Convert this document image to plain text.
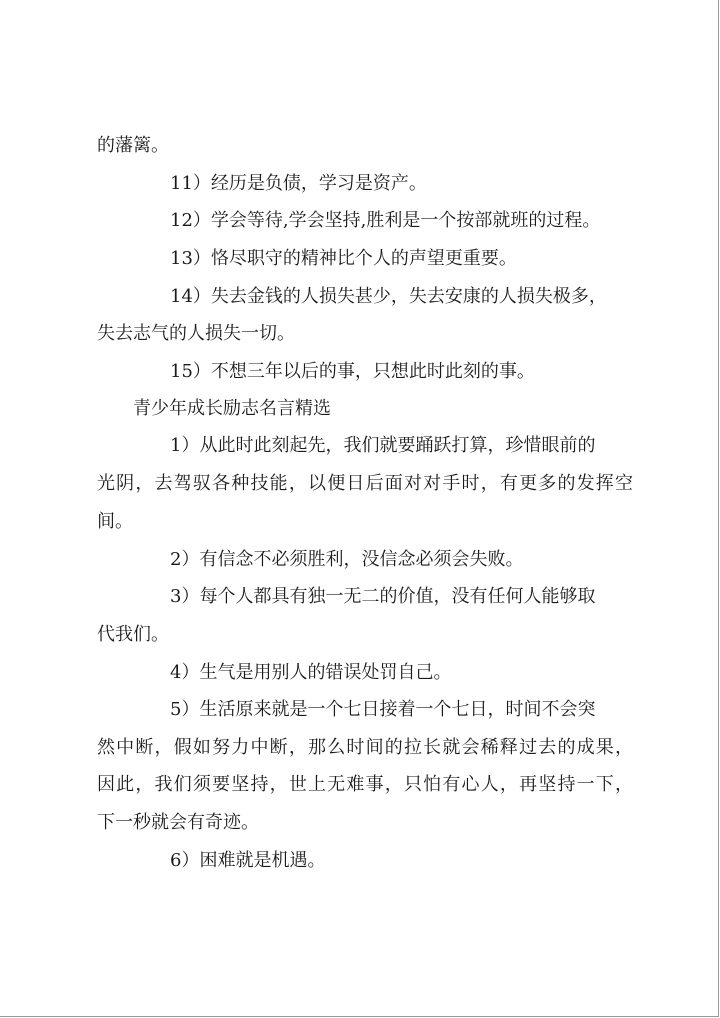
的藩篱。

11）经历是负债，学习是资产。

12）学会等待,学会坚持,胜利是一个按部就班的过程。

13）恪尽职守的精神比个人的声望更重要。

14）失去金钱的人损失甚少，失去安康的人损失极多，

失去志气的人损失一切。

15）不想三年以后的事，只想此时此刻的事。

青少年成长励志名言精选

1）从此时此刻起先，我们就要踊跃打算，珍惜眼前的

光阴，去驾驭各种技能，以便日后面对对手时，有更多的发挥空

间。

2）有信念不必须胜利，没信念必须会失败。

3）每个人都具有独一无二的价值，没有任何人能够取

代我们。

4）生气是用别人的错误处罚自己。

5）生活原来就是一个七日接着一个七日，时间不会突

然中断，假如努力中断，那么时间的拉长就会稀释过去的成果，

因此，我们须要坚持，世上无难事，只怕有心人，再坚持一下，

下一秒就会有奇迹。

6）困难就是机遇。
